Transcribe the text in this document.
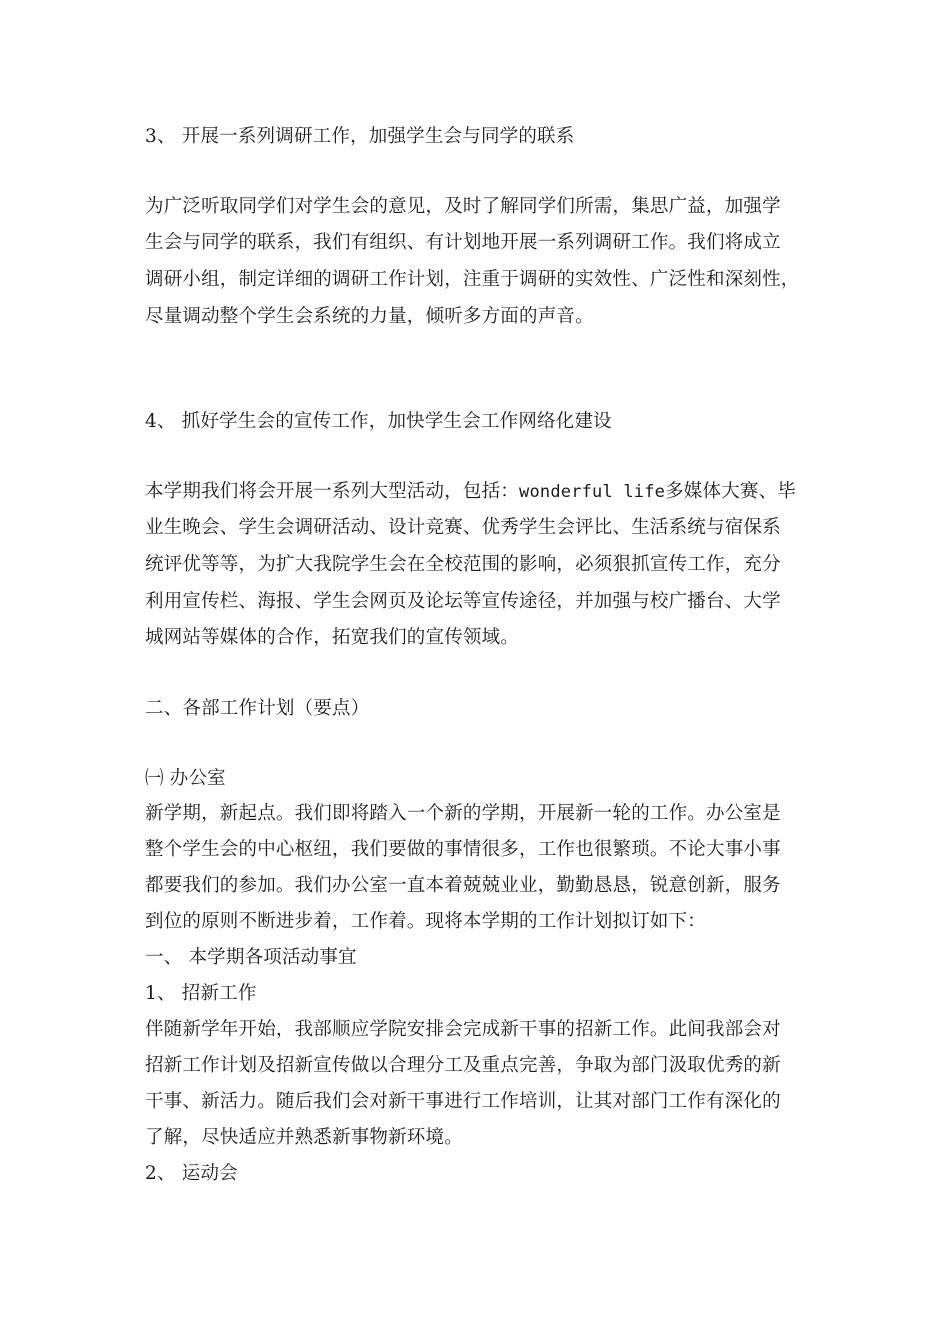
3、 开展一系列调研工作，加强学生会与同学的联系
为广泛听取同学们对学生会的意见，及时了解同学们所需，集思广益，加强学
生会与同学的联系，我们有组织、有计划地开展一系列调研工作。我们将成立
调研小组，制定详细的调研工作计划，注重于调研的实效性、广泛性和深刻性，
尽量调动整个学生会系统的力量，倾听多方面的声音。
4、 抓好学生会的宣传工作，加快学生会工作网络化建设
本学期我们将会开展一系列大型活动，包括：wonderful life多媒体大赛、毕
业生晚会、学生会调研活动、设计竞赛、优秀学生会评比、生活系统与宿保系
统评优等等，为扩大我院学生会在全校范围的影响，必须狠抓宣传工作，充分
利用宣传栏、海报、学生会网页及论坛等宣传途径，并加强与校广播台、大学
城网站等媒体的合作，拓宽我们的宣传领域。
二、各部工作计划（要点）
㈠ 办公室
新学期，新起点。我们即将踏入一个新的学期，开展新一轮的工作。办公室是
整个学生会的中心枢纽，我们要做的事情很多，工作也很繁琐。不论大事小事
都要我们的参加。我们办公室一直本着兢兢业业，勤勤恳恳，锐意创新，服务
到位的原则不断进步着，工作着。现将本学期的工作计划拟订如下：
一、 本学期各项活动事宜
1、 招新工作
伴随新学年开始，我部顺应学院安排会完成新干事的招新工作。此间我部会对
招新工作计划及招新宣传做以合理分工及重点完善，争取为部门汲取优秀的新
干事、新活力。随后我们会对新干事进行工作培训，让其对部门工作有深化的
了解，尽快适应并熟悉新事物新环境。
2、 运动会
